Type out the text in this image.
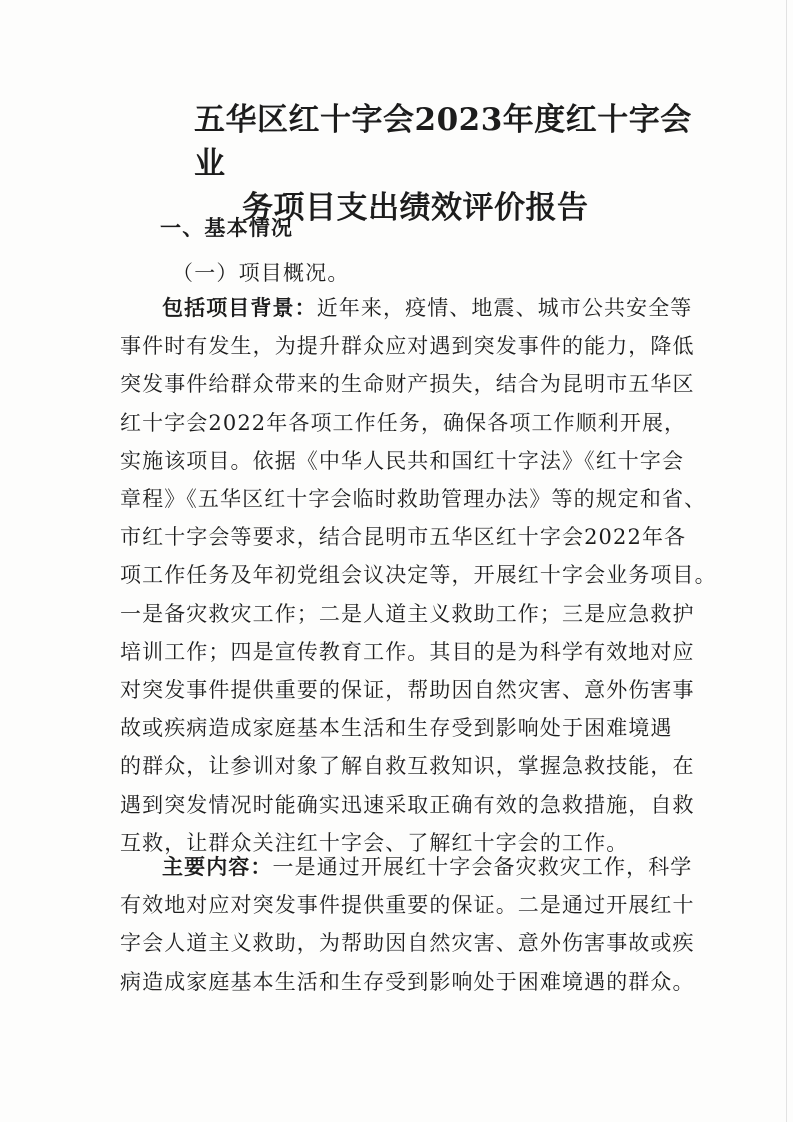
五华区红十字会2023年度红十字会业
务项目支出绩效评价报告
一、基本情况
（一）项目概况。
包括项目背景：近年来，疫情、地震、城市公共安全等
事件时有发生，为提升群众应对遇到突发事件的能力，降低
突发事件给群众带来的生命财产损失，结合为昆明市五华区
红十字会2022年各项工作任务，确保各项工作顺利开展，
实施该项目。依据《中华人民共和国红十字法》《红十字会
章程》《五华区红十字会临时救助管理办法》等的规定和省、
市红十字会等要求，结合昆明市五华区红十字会2022年各
项工作任务及年初党组会议决定等，开展红十字会业务项目。
一是备灾救灾工作；二是人道主义救助工作；三是应急救护
培训工作；四是宣传教育工作。其目的是为科学有效地对应
对突发事件提供重要的保证，帮助因自然灾害、意外伤害事
故或疾病造成家庭基本生活和生存受到影响处于困难境遇
的群众，让参训对象了解自救互救知识，掌握急救技能，在
遇到突发情况时能确实迅速采取正确有效的急救措施，自救
互救，让群众关注红十字会、了解红十字会的工作。
主要内容：一是通过开展红十字会备灾救灾工作，科学
有效地对应对突发事件提供重要的保证。二是通过开展红十
字会人道主义救助，为帮助因自然灾害、意外伤害事故或疾
病造成家庭基本生活和生存受到影响处于困难境遇的群众。
